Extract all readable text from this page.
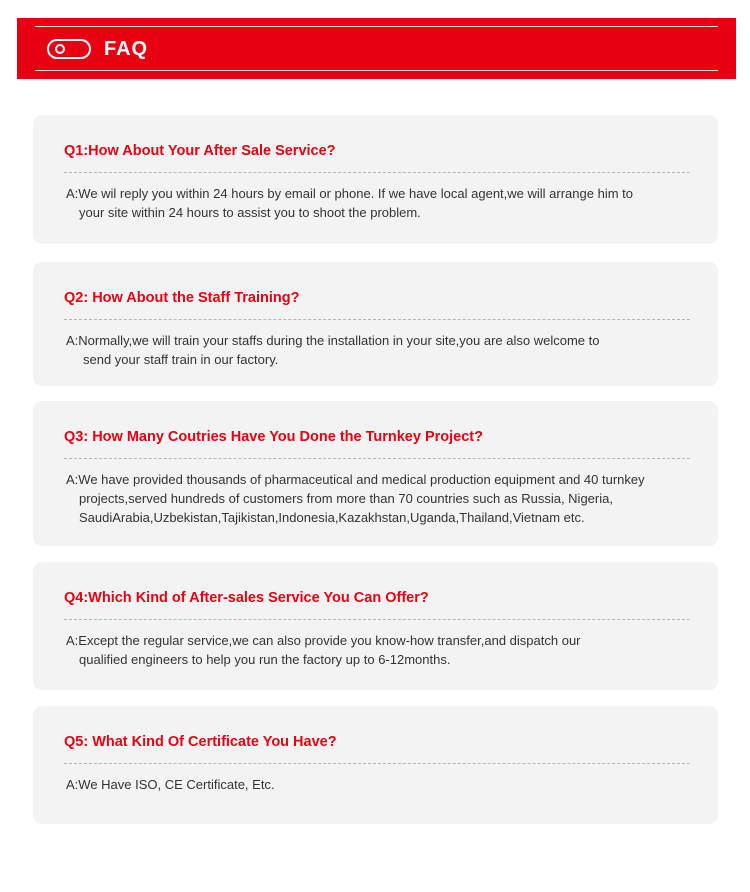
FAQ
Q1:How About Your After Sale Service?
A:We wil reply you within 24 hours by email or phone. If we have local agent,we will arrange him to
your site within 24 hours to assist you to shoot the problem.
Q2: How About the Staff Training?
A:Normally,we will train your staffs during the installation in your site,you are also welcome to
send your staff train in our factory.
Q3: How Many Coutries Have You Done the Turnkey Project?
A:We have provided thousands of pharmaceutical and medical production equipment and 40 turnkey
projects,served hundreds of customers from more than 70 countries such as Russia, Nigeria,
SaudiArabia,Uzbekistan,Tajikistan,Indonesia,Kazakhstan,Uganda,Thailand,Vietnam etc.
Q4:Which Kind of After-sales Service You Can Offer?
A:Except the regular service,we can also provide you know-how transfer,and dispatch our
qualified engineers to help you run the factory up to 6-12months.
Q5: What Kind Of Certificate You Have?
A:We Have ISO, CE Certificate, Etc.
